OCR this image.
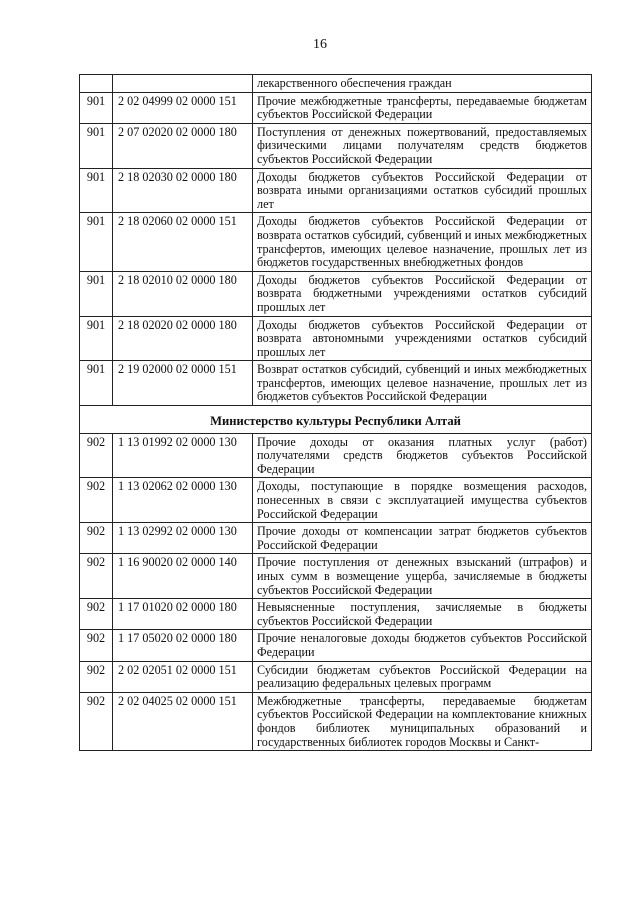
16
		лекарственного обеспечения граждан
901	2 02 04999 02 0000 151	Прочие межбюджетные трансферты, передаваемые бюджетам субъектов Российской Федерации
901	2 07 02020 02 0000 180	Поступления от денежных пожертвований, предоставляемых физическими лицами получателям средств бюджетов субъектов Российской Федерации
901	2 18 02030 02 0000 180	Доходы бюджетов субъектов Российской Федерации от возврата иными организациями остатков субсидий прошлых лет
901	2 18 02060 02 0000 151	Доходы бюджетов субъектов Российской Федерации от возврата остатков субсидий, субвенций и иных межбюджетных трансфертов, имеющих целевое назначение, прошлых лет из бюджетов государственных внебюджетных фондов
901	2 18 02010 02 0000 180	Доходы бюджетов субъектов Российской Федерации от возврата бюджетными учреждениями остатков субсидий прошлых лет
901	2 18 02020 02 0000 180	Доходы бюджетов субъектов Российской Федерации от возврата автономными учреждениями остатков субсидий прошлых лет
901	2 19 02000 02 0000 151	Возврат остатков субсидий, субвенций и иных межбюджетных трансфертов, имеющих целевое назначение, прошлых лет из бюджетов субъектов Российской Федерации
Министерство культуры Республики Алтай		
902	1 13 01992 02 0000 130	Прочие доходы от оказания платных услуг (работ) получателями средств бюджетов субъектов Российской Федерации
902	1 13 02062 02 0000 130	Доходы, поступающие в порядке возмещения расходов, понесенных в связи с эксплуатацией имущества субъектов Российской Федерации
902	1 13 02992 02 0000 130	Прочие доходы от компенсации затрат бюджетов субъектов Российской Федерации
902	1 16 90020 02 0000 140	Прочие поступления от денежных взысканий (штрафов) и иных сумм в возмещение ущерба, зачисляемые в бюджеты субъектов Российской Федерации
902	1 17 01020 02 0000 180	Невыясненные поступления, зачисляемые в бюджеты субъектов Российской Федерации
902	1 17 05020 02 0000 180	Прочие неналоговые доходы бюджетов субъектов Российской Федерации
902	2 02 02051 02 0000 151	Субсидии бюджетам субъектов Российской Федерации на реализацию федеральных целевых программ
902	2 02 04025 02 0000 151	Межбюджетные трансферты, передаваемые бюджетам субъектов Российской Федерации на комплектование книжных фондов библиотек муниципальных образований и государственных библиотек городов Москвы и Санкт-
